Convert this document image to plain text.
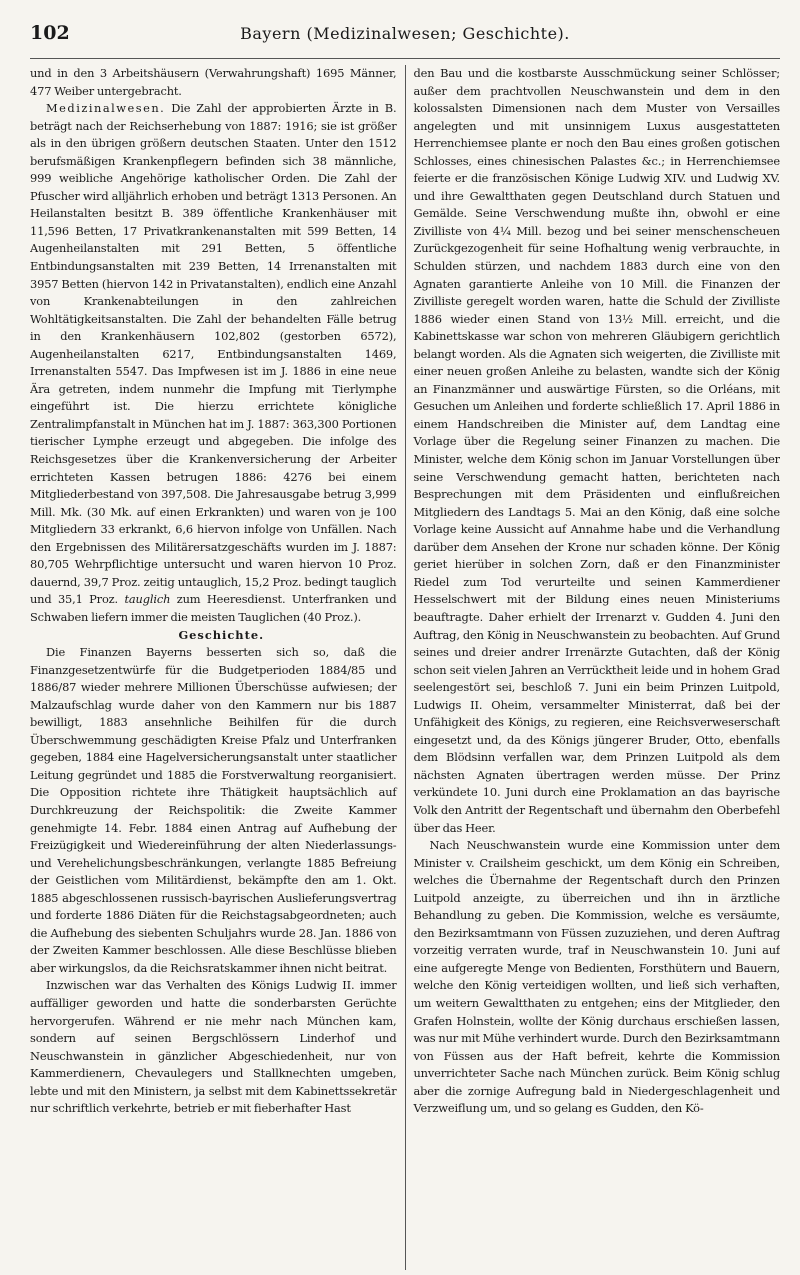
102	Bayern (Medizinalwesen; Geschichte).

und in den 3 Arbeitshäusern (Verwahrungshaft) 1695 Männer, 477 Weiber untergebracht.

Medizinalwesen. Die Zahl der approbierten Ärzte in B. beträgt nach der Reichserhebung von 1887: 1916; sie ist größer als in den übrigen größern deutschen Staaten. Unter den 1512 berufsmäßigen Krankenpflegern befinden sich 38 männliche, 999 weibliche Angehörige katholischer Orden. Die Zahl der Pfuscher wird alljährlich erhoben und beträgt 1313 Personen. An Heilanstalten besitzt B. 389 öffentliche Krankenhäuser mit 11,596 Betten, 17 Privatkrankenanstalten mit 599 Betten, 14 Augenheilanstalten mit 291 Betten, 5 öffentliche Entbindungsanstalten mit 239 Betten, 14 Irrenanstalten mit 3957 Betten (hiervon 142 in Privatanstalten), endlich eine Anzahl von Krankenabteilungen in den zahlreichen Wohltätigkeitsanstalten. Die Zahl der behandelten Fälle betrug in den Krankenhäusern 102,802 (gestorben 6572), Augenheilanstalten 6217, Entbindungsanstalten 1469, Irrenanstalten 5547. Das Impfwesen ist im J. 1886 in eine neue Ära getreten, indem nunmehr die Impfung mit Tierlymphe eingeführt ist. Die hierzu errichtete königliche Zentralimpfanstalt in München hat im J. 1887: 363,300 Portionen tierischer Lymphe erzeugt und abgegeben. Die infolge des Reichsgesetzes über die Krankenversicherung der Arbeiter errichteten Kassen betrugen 1886: 4276 bei einem Mitgliederbestand von 397,508. Die Jahresausgabe betrug 3,999 Mill. Mk. (30 Mk. auf einen Erkrankten) und waren von je 100 Mitgliedern 33 erkrankt, 6,6 hiervon infolge von Unfällen. Nach den Ergebnissen des Militärersatzgeschäfts wurden im J. 1887: 80,705 Wehrpflichtige untersucht und waren hiervon 10 Proz. dauernd, 39,7 Proz. zeitig untauglich, 15,2 Proz. bedingt tauglich und 35,1 Proz. tauglich zum Heeresdienst. Unterfranken und Schwaben liefern immer die meisten Tauglichen (40 Proz.).

Geschichte.

Die Finanzen Bayerns besserten sich so, daß die Finanzgesetzentwürfe für die Budgetperioden 1884/85 und 1886/87 wieder mehrere Millionen Überschüsse aufwiesen; der Malzaufschlag wurde daher von den Kammern nur bis 1887 bewilligt, 1883 ansehnliche Beihilfen für die durch Überschwemmung geschädigten Kreise Pfalz und Unterfranken gegeben, 1884 eine Hagelversicherungsanstalt unter staatlicher Leitung gegründet und 1885 die Forstverwaltung reorganisiert. Die Opposition richtete ihre Thätigkeit hauptsächlich auf Durchkreuzung der Reichspolitik: die Zweite Kammer genehmigte 14. Febr. 1884 einen Antrag auf Aufhebung der Freizügigkeit und Wiedereinführung der alten Niederlassungs- und Verehelichungsbeschränkungen, verlangte 1885 Befreiung der Geistlichen vom Militärdienst, bekämpfte den am 1. Okt. 1885 abgeschlossenen russisch-bayrischen Auslieferungsvertrag und forderte 1886 Diäten für die Reichstagsabgeordneten; auch die Aufhebung des siebenten Schuljahrs wurde 28. Jan. 1886 von der Zweiten Kammer beschlossen. Alle diese Beschlüsse blieben aber wirkungslos, da die Reichsratskammer ihnen nicht beitrat.

Inzwischen war das Verhalten des Königs Ludwig II. immer auffälliger geworden und hatte die sonderbarsten Gerüchte hervorgerufen. Während er nie mehr nach München kam, sondern auf seinen Bergschlössern Linderhof und Neuschwanstein in gänzlicher Abgeschiedenheit, nur von Kammerdienern, Chevaulegers und Stallknechten umgeben, lebte und mit den Ministern, ja selbst mit dem Kabinettssekretär nur schriftlich verkehrte, betrieb er mit fieberhafter Hast

den Bau und die kostbarste Ausschmückung seiner Schlösser; außer dem prachtvollen Neuschwanstein und dem in den kolossalsten Dimensionen nach dem Muster von Versailles angelegten und mit unsinnigem Luxus ausgestatteten Herrenchiemsee plante er noch den Bau eines großen gotischen Schlosses, eines chinesischen Palastes &c.; in Herrenchiemsee feierte er die französischen Könige Ludwig XIV. und Ludwig XV. und ihre Gewaltthaten gegen Deutschland durch Statuen und Gemälde. Seine Verschwendung mußte ihn, obwohl er eine Zivilliste von 4¼ Mill. bezog und bei seiner menschenscheuen Zurückgezogenheit für seine Hofhaltung wenig verbrauchte, in Schulden stürzen, und nachdem 1883 durch eine von den Agnaten garantierte Anleihe von 10 Mill. die Finanzen der Zivilliste geregelt worden waren, hatte die Schuld der Zivilliste 1886 wieder einen Stand von 13½ Mill. erreicht, und die Kabinettskasse war schon von mehreren Gläubigern gerichtlich belangt worden. Als die Agnaten sich weigerten, die Zivilliste mit einer neuen großen Anleihe zu belasten, wandte sich der König an Finanzmänner und auswärtige Fürsten, so die Orléans, mit Gesuchen um Anleihen und forderte schließlich 17. April 1886 in einem Handschreiben die Minister auf, dem Landtag eine Vorlage über die Regelung seiner Finanzen zu machen. Die Minister, welche dem König schon im Januar Vorstellungen über seine Verschwendung gemacht hatten, berichteten nach Besprechungen mit dem Präsidenten und einflußreichen Mitgliedern des Landtags 5. Mai an den König, daß eine solche Vorlage keine Aussicht auf Annahme habe und die Verhandlung darüber dem Ansehen der Krone nur schaden könne. Der König geriet hierüber in solchen Zorn, daß er den Finanzminister Riedel zum Tod verurteilte und seinen Kammerdiener Hesselschwert mit der Bildung eines neuen Ministeriums beauftragte. Daher erhielt der Irrenarzt v. Gudden 4. Juni den Auftrag, den König in Neuschwanstein zu beobachten. Auf Grund seines und dreier andrer Irrenärzte Gutachten, daß der König schon seit vielen Jahren an Verrücktheit leide und in hohem Grad seelengestört sei, beschloß 7. Juni ein beim Prinzen Luitpold, Ludwigs II. Oheim, versammelter Ministerrat, daß bei der Unfähigkeit des Königs, zu regieren, eine Reichsverweserschaft eingesetzt und, da des Königs jüngerer Bruder, Otto, ebenfalls dem Blödsinn verfallen war, dem Prinzen Luitpold als dem nächsten Agnaten übertragen werden müsse. Der Prinz verkündete 10. Juni durch eine Proklamation an das bayrische Volk den Antritt der Regentschaft und übernahm den Oberbefehl über das Heer.

Nach Neuschwanstein wurde eine Kommission unter dem Minister v. Crailsheim geschickt, um dem König ein Schreiben, welches die Übernahme der Regentschaft durch den Prinzen Luitpold anzeigte, zu überreichen und ihn in ärztliche Behandlung zu geben. Die Kommission, welche es versäumte, den Bezirksamtmann von Füssen zuzuziehen, und deren Auftrag vorzeitig verraten wurde, traf in Neuschwanstein 10. Juni auf eine aufgeregte Menge von Bedienten, Forsthütern und Bauern, welche den König verteidigen wollten, und ließ sich verhaften, um weitern Gewaltthaten zu entgehen; eins der Mitglieder, den Grafen Holnstein, wollte der König durchaus erschießen lassen, was nur mit Mühe verhindert wurde. Durch den Bezirksamtmann von Füssen aus der Haft befreit, kehrte die Kommission unverrichteter Sache nach München zurück. Beim König schlug aber die zornige Aufregung bald in Niedergeschlagenheit und Verzweiflung um, und so gelang es Gudden, den Kö-
